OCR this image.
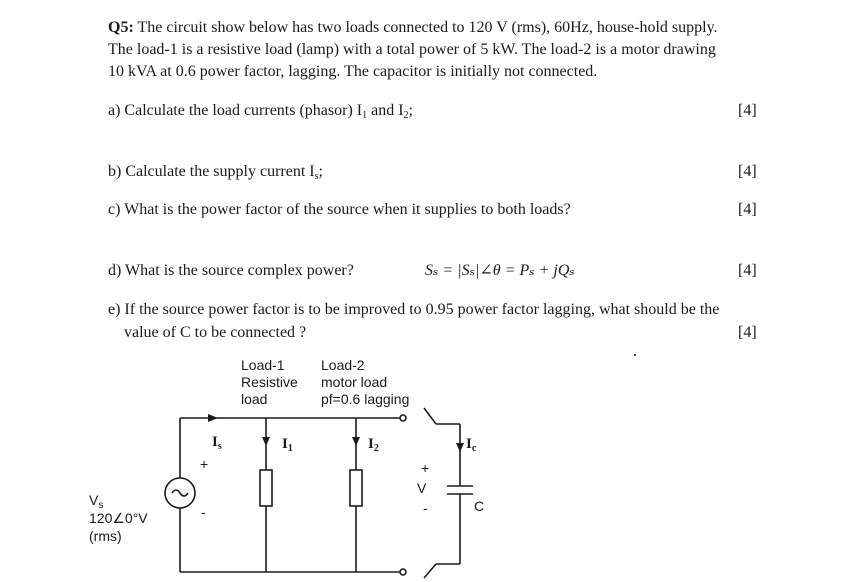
Q5: The circuit show below has two loads connected to 120 V (rms), 60Hz, house-hold supply.
The load-1 is a resistive load (lamp) with a total power of 5 kW. The load-2 is a motor drawing
10 kVA at 0.6 power factor, lagging. The capacitor is initially not connected.
a) Calculate the load currents (phasor) $I_1$ and $I_2$;	[4]
b) Calculate the supply current $I_s$;	[4]
c) What is the power factor of the source when it supplies to both loads?	[4]
d) What is the source complex power?	Sₛ = |Sₛ|∠θ = Pₛ + jQₛ	[4]
e) If the source power factor is to be improved to 0.95 power factor lagging, what should be the
value of C to be connected ?	[4]
Load-1
Resistive
load
Load-2
motor load
pf=0.6 lagging
$V_s$
120∠0°V
(rms)
$I_s$	$I_1$	$I_2$	$I_c$
+
-
+
V
-	C
